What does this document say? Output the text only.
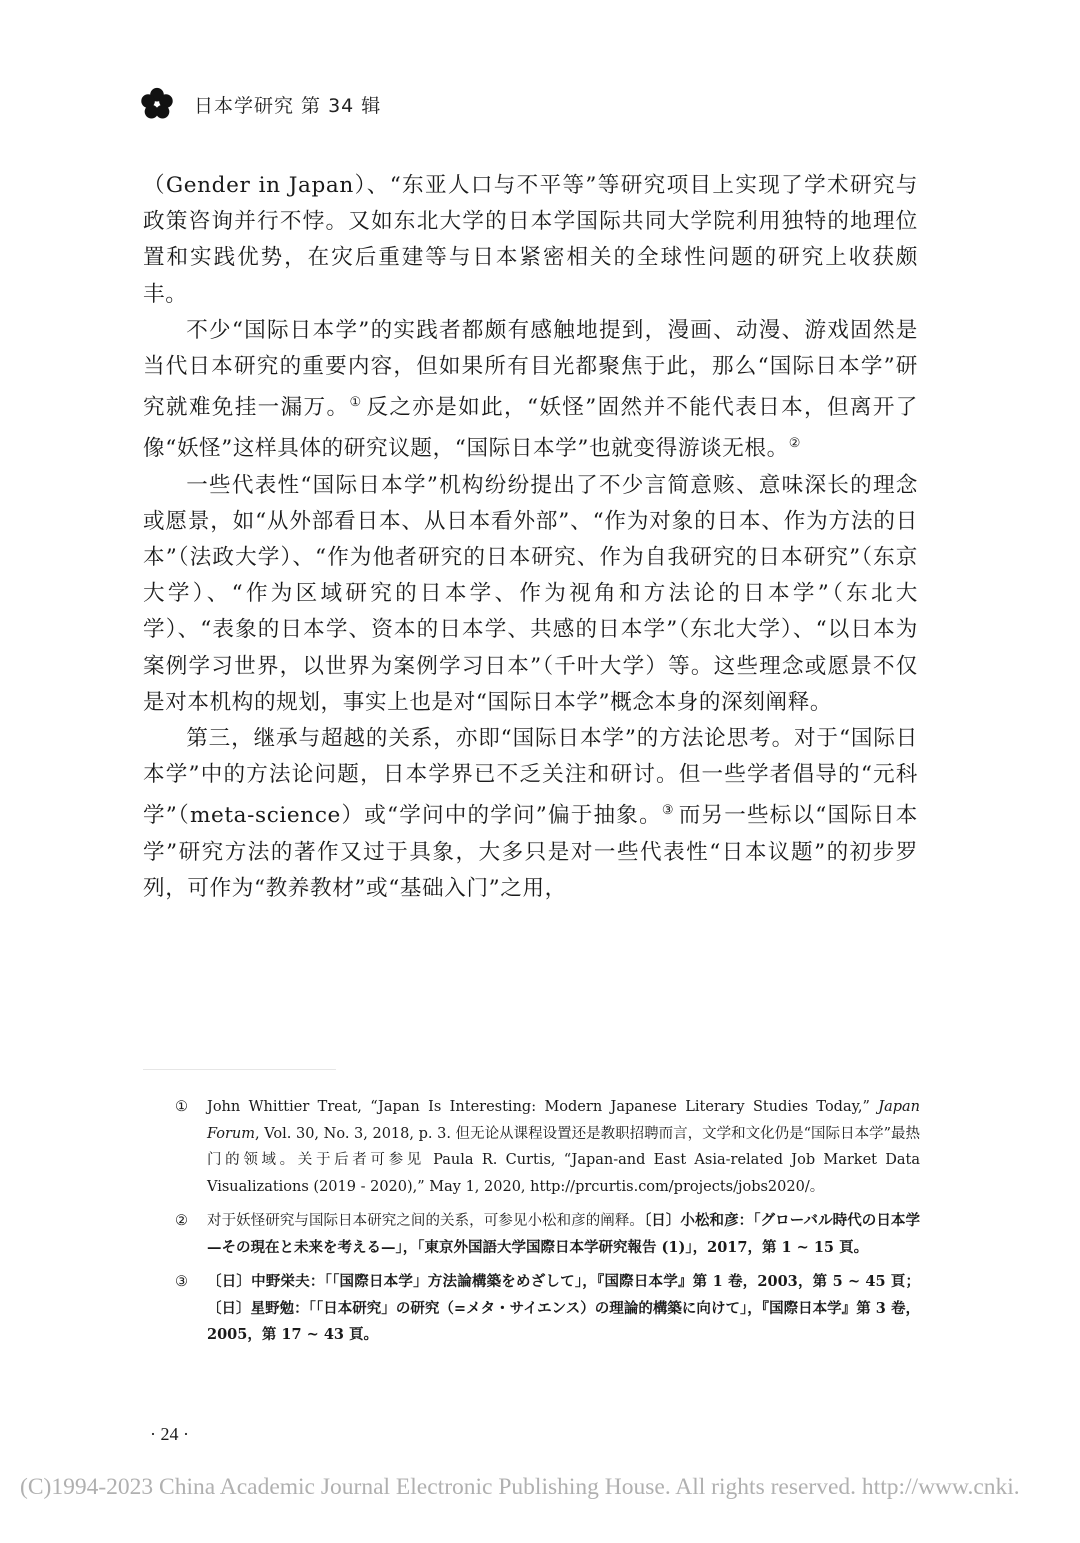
日本学研究 第 34 辑

（Gender in Japan）、“东亚人口与不平等”等研究项目上实现了学术研究与政策咨询并行不悖。又如东北大学的日本学国际共同大学院利用独特的地理位置和实践优势，在灾后重建等与日本紧密相关的全球性问题的研究上收获颇丰。

不少“国际日本学”的实践者都颇有感触地提到，漫画、动漫、游戏固然是当代日本研究的重要内容，但如果所有目光都聚焦于此，那么“国际日本学”研究就难免挂一漏万。① 反之亦是如此，“妖怪”固然并不能代表日本，但离开了像“妖怪”这样具体的研究议题，“国际日本学”也就变得游谈无根。②

一些代表性“国际日本学”机构纷纷提出了不少言简意赅、意味深长的理念或愿景，如“从外部看日本、从日本看外部”、“作为对象的日本、作为方法的日本”（法政大学）、“作为他者研究的日本研究、作为自我研究的日本研究”（东京大学）、“作为区域研究的日本学、作为视角和方法论的日本学”（东北大学）、“表象的日本学、资本的日本学、共感的日本学”（东北大学）、“以日本为案例学习世界，以世界为案例学习日本”（千叶大学）等。这些理念或愿景不仅是对本机构的规划，事实上也是对“国际日本学”概念本身的深刻阐释。

第三，继承与超越的关系，亦即“国际日本学”的方法论思考。对于“国际日本学”中的方法论问题，日本学界已不乏关注和研讨。但一些学者倡导的“元科学”（meta-science）或“学问中的学问”偏于抽象。③ 而另一些标以“国际日本学”研究方法的著作又过于具象，大多只是对一些代表性“日本议题”的初步罗列，可作为“教养教材”或“基础入门”之用，

① John Whittier Treat, “Japan Is Interesting: Modern Japanese Literary Studies Today,” Japan Forum, Vol. 30, No. 3, 2018, p. 3. 但无论从课程设置还是教职招聘而言，文学和文化仍是“国际日本学”最热门的领域。关于后者可参见 Paula R. Curtis, “Japan-and East Asia-related Job Market Data Visualizations (2019 - 2020),” May 1, 2020, http://prcurtis.com/projects/jobs2020/。
② 对于妖怪研究与国际日本研究之间的关系，可参见小松和彦的阐释。〔日〕小松和彦：「グローバル時代の日本学—その現在と未来を考える—」，「東京外国語大学国際日本学研究報告 (1)」，2017，第 1 ~ 15 頁。
③ 〔日〕中野栄夫：「「国際日本学」方法論構築をめざして」，『国際日本学』第 1 卷，2003，第 5 ~ 45 頁；〔日〕星野勉：「「日本研究」の研究（=メタ・サイエンス）の理論的構築に向けて」，『国際日本学』第 3 卷，2005，第 17 ~ 43 頁。
· 24 ·
(C)1994-2023 China Academic Journal Electronic Publishing House. All rights reserved. http://www.cnki.
